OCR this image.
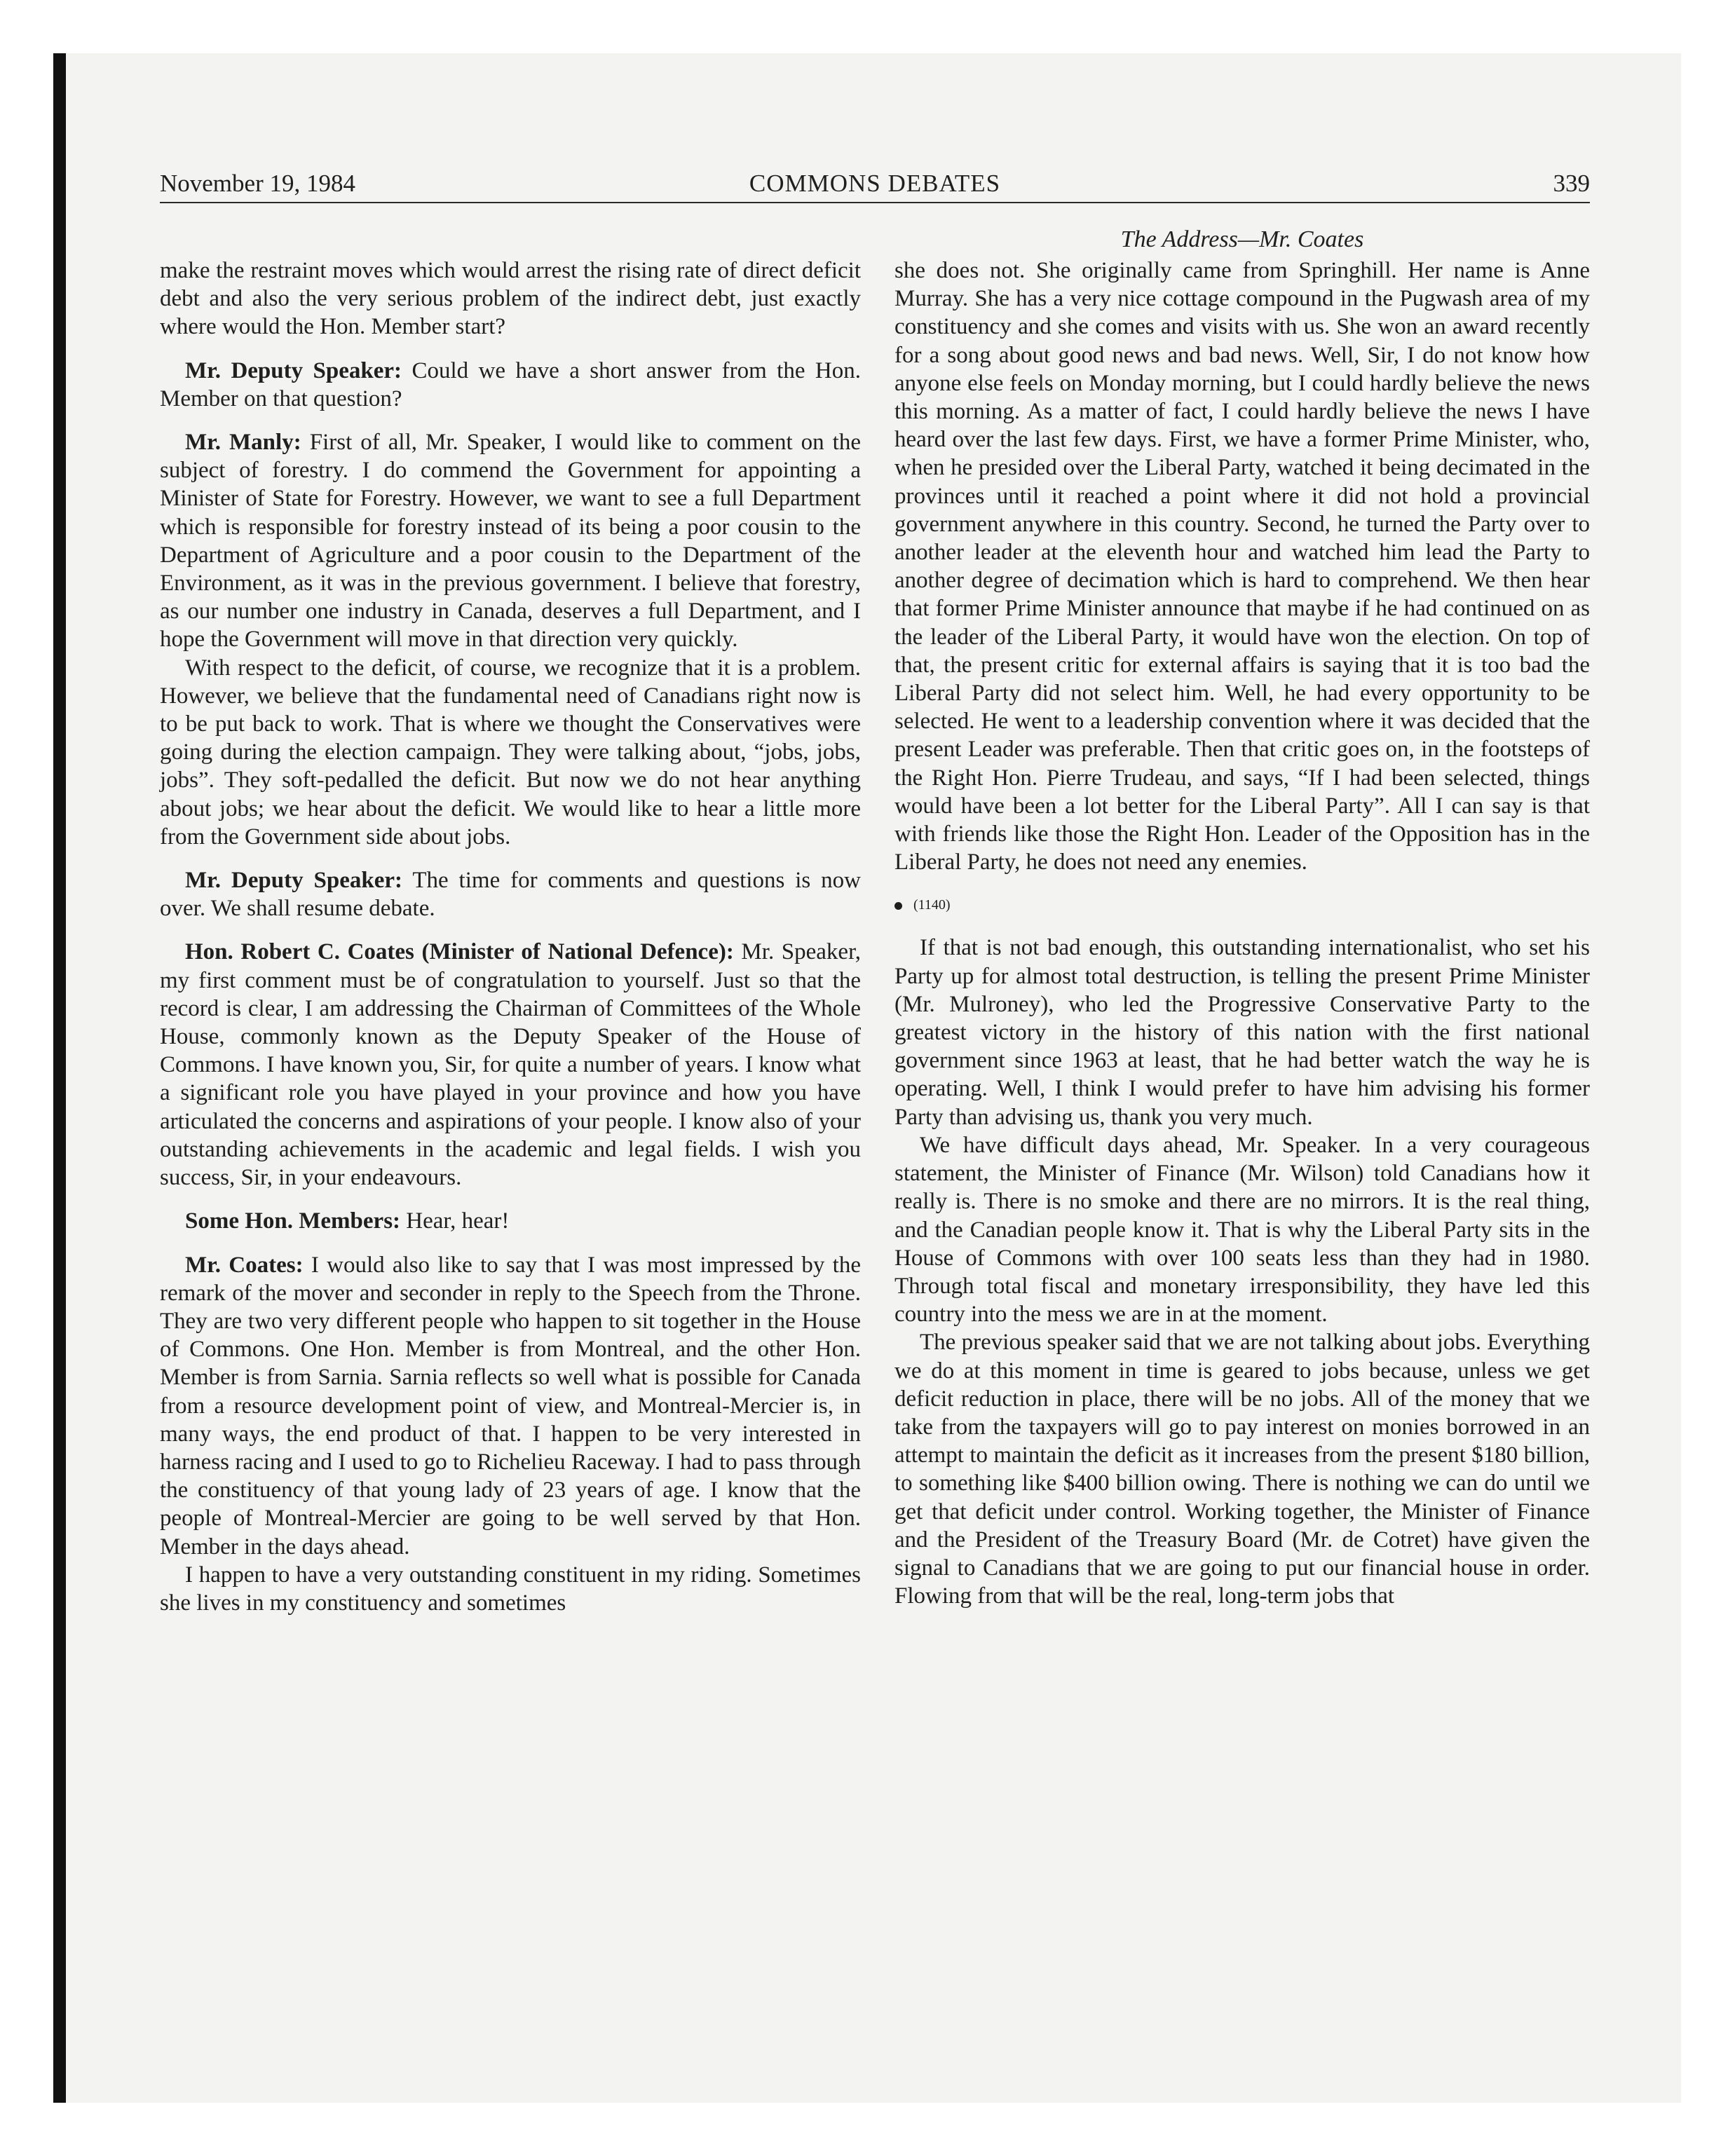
November 19, 1984	COMMONS DEBATES	339
The Address—Mr. Coates

make the restraint moves which would arrest the rising rate of direct deficit debt and also the very serious problem of the indirect debt, just exactly where would the Hon. Member start?

Mr. Deputy Speaker: Could we have a short answer from the Hon. Member on that question?

Mr. Manly: First of all, Mr. Speaker, I would like to comment on the subject of forestry. I do commend the Government for appointing a Minister of State for Forestry. However, we want to see a full Department which is responsible for forestry instead of its being a poor cousin to the Department of Agriculture and a poor cousin to the Department of the Environment, as it was in the previous government. I believe that forestry, as our number one industry in Canada, deserves a full Department, and I hope the Government will move in that direction very quickly.

With respect to the deficit, of course, we recognize that it is a problem. However, we believe that the fundamental need of Canadians right now is to be put back to work. That is where we thought the Conservatives were going during the election campaign. They were talking about, “jobs, jobs, jobs”. They soft-pedalled the deficit. But now we do not hear anything about jobs; we hear about the deficit. We would like to hear a little more from the Government side about jobs.

Mr. Deputy Speaker: The time for comments and questions is now over. We shall resume debate.

Hon. Robert C. Coates (Minister of National Defence): Mr. Speaker, my first comment must be of congratulation to yourself. Just so that the record is clear, I am addressing the Chairman of Committees of the Whole House, commonly known as the Deputy Speaker of the House of Commons. I have known you, Sir, for quite a number of years. I know what a significant role you have played in your province and how you have articulated the concerns and aspirations of your people. I know also of your outstanding achievements in the academic and legal fields. I wish you success, Sir, in your endeavours.

Some Hon. Members: Hear, hear!

Mr. Coates: I would also like to say that I was most impressed by the remark of the mover and seconder in reply to the Speech from the Throne. They are two very different people who happen to sit together in the House of Commons. One Hon. Member is from Montreal, and the other Hon. Member is from Sarnia. Sarnia reflects so well what is possible for Canada from a resource development point of view, and Montreal-Mercier is, in many ways, the end product of that. I happen to be very interested in harness racing and I used to go to Richelieu Raceway. I had to pass through the constituency of that young lady of 23 years of age. I know that the people of Montreal-Mercier are going to be well served by that Hon. Member in the days ahead.

I happen to have a very outstanding constituent in my riding. Sometimes she lives in my constituency and sometimes

she does not. She originally came from Springhill. Her name is Anne Murray. She has a very nice cottage compound in the Pugwash area of my constituency and she comes and visits with us. She won an award recently for a song about good news and bad news. Well, Sir, I do not know how anyone else feels on Monday morning, but I could hardly believe the news this morning. As a matter of fact, I could hardly believe the news I have heard over the last few days. First, we have a former Prime Minister, who, when he presided over the Liberal Party, watched it being decimated in the provinces until it reached a point where it did not hold a provincial government anywhere in this country. Second, he turned the Party over to another leader at the eleventh hour and watched him lead the Party to another degree of decimation which is hard to comprehend. We then hear that former Prime Minister announce that maybe if he had continued on as the leader of the Liberal Party, it would have won the election. On top of that, the present critic for external affairs is saying that it is too bad the Liberal Party did not select him. Well, he had every opportunity to be selected. He went to a leadership convention where it was decided that the present Leader was preferable. Then that critic goes on, in the footsteps of the Right Hon. Pierre Trudeau, and says, “If I had been selected, things would have been a lot better for the Liberal Party”. All I can say is that with friends like those the Right Hon. Leader of the Opposition has in the Liberal Party, he does not need any enemies.

(1140)

If that is not bad enough, this outstanding internationalist, who set his Party up for almost total destruction, is telling the present Prime Minister (Mr. Mulroney), who led the Progressive Conservative Party to the greatest victory in the history of this nation with the first national government since 1963 at least, that he had better watch the way he is operating. Well, I think I would prefer to have him advising his former Party than advising us, thank you very much.

We have difficult days ahead, Mr. Speaker. In a very courageous statement, the Minister of Finance (Mr. Wilson) told Canadians how it really is. There is no smoke and there are no mirrors. It is the real thing, and the Canadian people know it. That is why the Liberal Party sits in the House of Commons with over 100 seats less than they had in 1980. Through total fiscal and monetary irresponsibility, they have led this country into the mess we are in at the moment.

The previous speaker said that we are not talking about jobs. Everything we do at this moment in time is geared to jobs because, unless we get deficit reduction in place, there will be no jobs. All of the money that we take from the taxpayers will go to pay interest on monies borrowed in an attempt to maintain the deficit as it increases from the present $180 billion, to something like $400 billion owing. There is nothing we can do until we get that deficit under control. Working together, the Minister of Finance and the President of the Treasury Board (Mr. de Cotret) have given the signal to Canadians that we are going to put our financial house in order. Flowing from that will be the real, long-term jobs that
